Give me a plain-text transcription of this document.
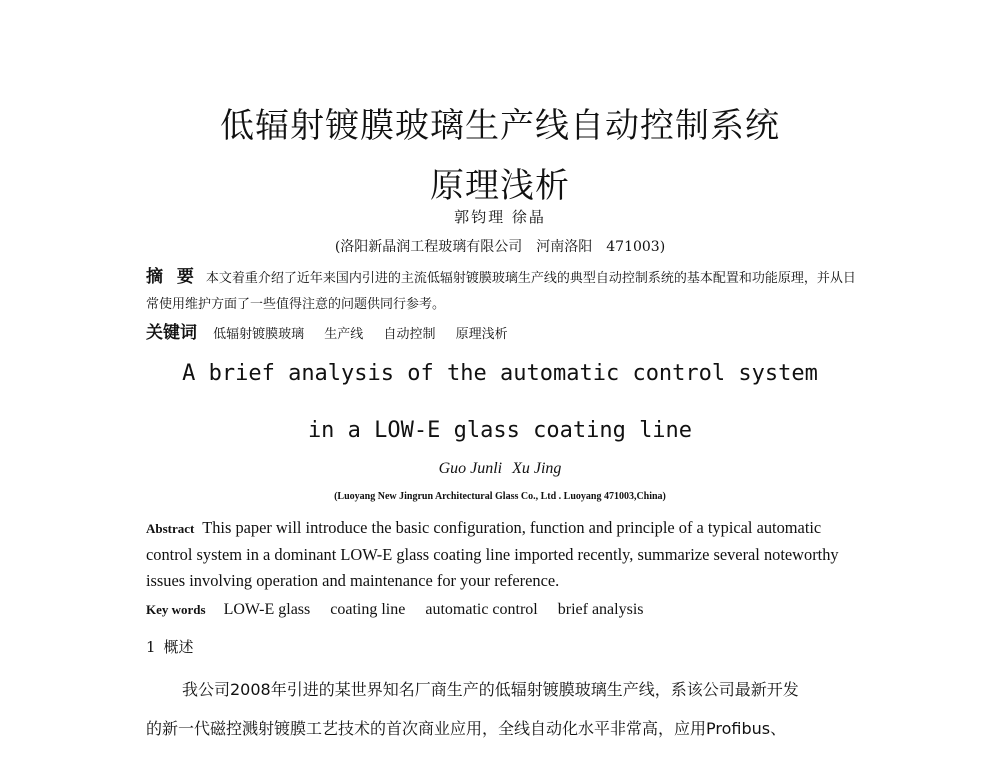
低辐射镀膜玻璃生产线自动控制系统
原理浅析
郭钧理 徐晶
(洛阳新晶润工程玻璃有限公司　河南洛阳　471003)
摘 要 本文着重介绍了近年来国内引进的主流低辐射镀膜玻璃生产线的典型自动控制系统的基本配置和功能原理，并从日常使用维护方面了一些值得注意的问题供同行参考。
关键词 低辐射镀膜玻璃 生产线 自动控制 原理浅析
A brief analysis of the automatic control system
in a LOW-E glass coating line
Guo Junli Xu Jing
(Luoyang New Jingrun Architectural Glass Co., Ltd . Luoyang 471003,China)
Abstract This paper will introduce the basic configuration, function and principle of a typical automatic control system in a dominant LOW-E glass coating line imported recently, summarize several noteworthy issues involving operation and maintenance for your reference.
Key words LOW-E glass coating line automatic control brief analysis
1 概述
我公司2008年引进的某世界知名厂商生产的低辐射镀膜玻璃生产线，系该公司最新开发
的新一代磁控溅射镀膜工艺技术的首次商业应用，全线自动化水平非常高，应用Profibus、
